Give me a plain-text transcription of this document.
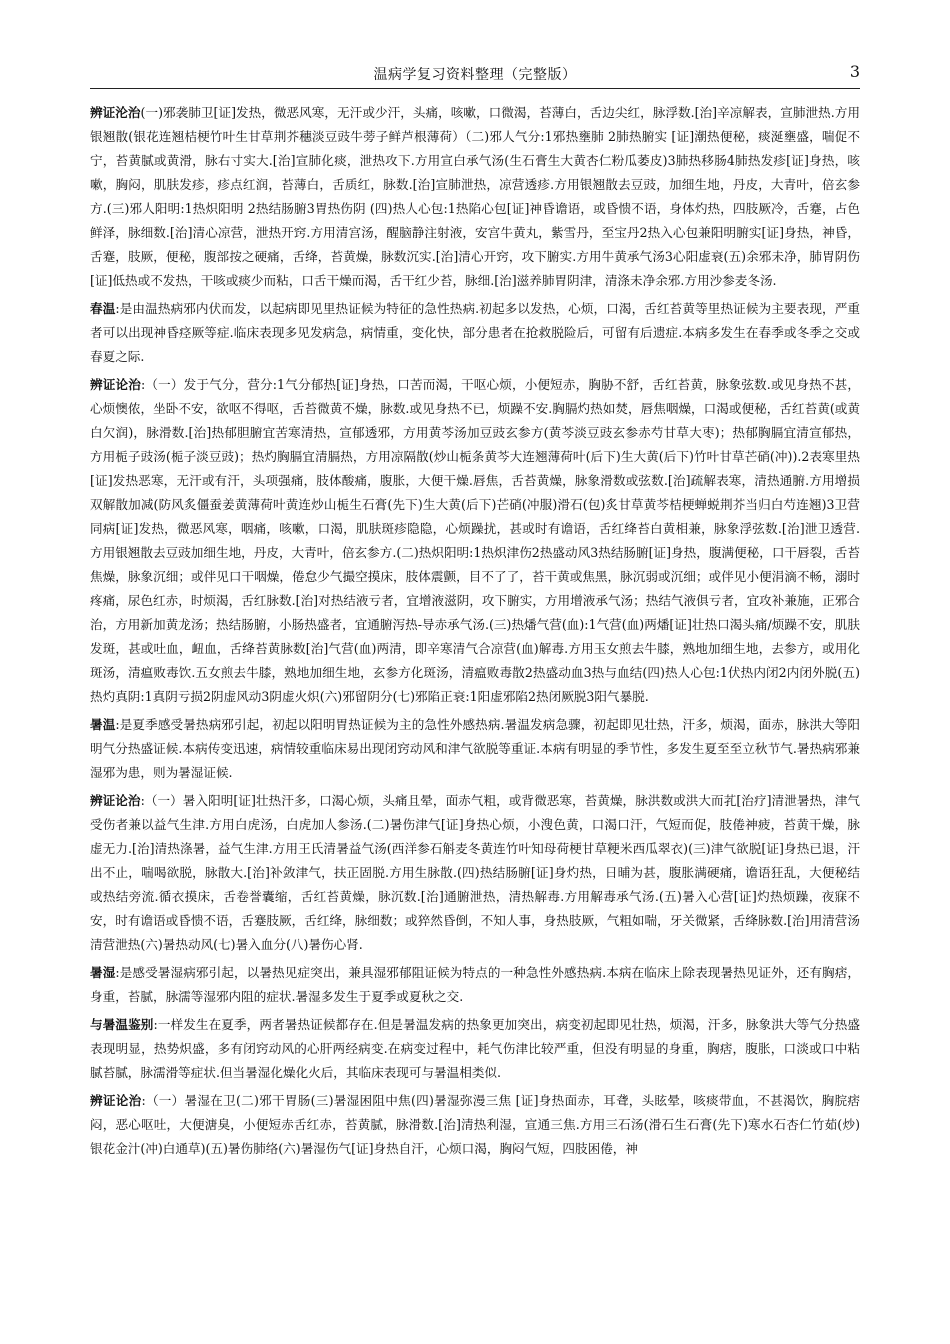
温病学复习资料整理（完整版）	3

辨证沦治(一)邪袭肺卫[证]发热，微恶风寒，无汗或少汗，头痛，咳嗽，口微渴，苔薄白，舌边尖红，脉浮数.[治]辛凉解表，宣肺泄热.方用银翘散(银花连翘桔梗竹叶生甘草荆芥穗淡豆豉牛蒡子鲜芦根薄荷）（二)邪人气分:1邪热壅肺 2肺热腑实 [证]潮热便秘，痰涎壅盛，喘促不宁，苔黄腻或黄滑，脉右寸实大.[治]宣肺化痰，泄热攻下.方用宣白承气汤(生石膏生大黄杏仁粉瓜萎皮)3肺热移肠4肺热发疹[证]身热，咳嗽，胸闷，肌肤发疹，疹点红润，苔薄白，舌质红，脉数.[治]宣肺泄热，凉营透疹.方用银翘散去豆豉，加细生地，丹皮，大青叶，倍玄参方.(三)邪人阳明:1热炽阳明 2热结肠腑3胃热伤阴 (四)热人心包:1热陷心包[证]神昏谵语，或昏愦不语，身体灼热，四肢厥冷，舌蹇，占色鲜泽，脉细数.[治]清心凉营，泄热开窍.方用清宫汤，醒脑静注射液，安宫牛黄丸，紫雪丹，至宝丹2热入心包兼阳明腑实[证]身热，神昏，舌蹇，肢厥，便秘，腹部按之硬痛，舌绛，苔黄燥，脉数沉实.[治]清心开窍，攻下腑实.方用牛黄承气汤3心阳虚衰(五)余邪未净，肺胃阴伤[证]低热或不发热，干咳或痰少而粘，口舌干燥而渴，舌干红少苔，脉细.[治]滋养肺胃阴津，清涤未净余邪.方用沙参麦冬汤.

春温:是由温热病邪内伏而发，以起病即见里热证候为特征的急性热病.初起多以发热，心烦，口渴，舌红苔黄等里热证候为主要表现，严重者可以出现神昏痉厥等症.临床表现多见发病急，病情重，变化快，部分患者在抢救脱险后，可留有后遗症.本病多发生在春季或冬季之交或春夏之际.

辨证论治:（一）发于气分，营分:1气分郁热[证]身热，口苦而渴，干呕心烦，小便短赤，胸胁不舒，舌红苔黄，脉象弦数.或见身热不甚，心烦懊侬，坐卧不安，欲呕不得呕，舌苔微黄不燥，脉数.或见身热不已，烦躁不安.胸膈灼热如焚，唇焦咽燥，口渴或便秘，舌红苔黄(或黄白欠润)，脉滑数.[治]热郁胆腑宜苦寒清热，宣郁透邪，方用黄芩汤加豆豉玄参方(黄芩淡豆豉玄参赤芍甘草大枣)；热郁胸膈宜清宣郁热，方用栀子豉汤(栀子淡豆豉)；热灼胸膈宜清膈热，方用凉隔散(炒山栀条黄芩大连翘薄荷叶(后下)生大黄(后下)竹叶甘草芒硝(冲)).2表寒里热[证]发热恶寒，无汗或有汗，头项强痛，肢体酸痛，腹胀，大便干燥.唇焦，舌苔黄燥，脉象滑数或弦数.[治]疏解表寒，清热通腑.方用增损双解散加减(防风炙僵蚕姜黄薄荷叶黄连炒山栀生石膏(先下)生大黄(后下)芒硝(冲服)滑石(包)炙甘草黄芩桔梗蝉蜕荆芥当归白芍连翘)3卫营同病[证]发热，微恶风寒，咽痛，咳嗽，口渴，肌肤斑疹隐隐，心烦躁扰，甚或时有谵语，舌红绛苔白黄相兼，脉象浮弦数.[治]泄卫透营.方用银翘散去豆豉加细生地，丹皮，大青叶，倍玄参方.(二)热炽阳明:1热炽津伤2热盛动风3热结肠腑[证]身热，腹满便秘，口干唇裂，舌苔焦燥，脉象沉细；或伴见口干咽燥，倦怠少气撮空摸床，肢体震颤，目不了了，苔干黄或焦黑，脉沉弱或沉细；或伴见小便涓滴不畅，溺时疼痛，尿色红赤，时烦渴，舌红脉数.[治]对热结液亏者，宜增液滋阴，攻下腑实，方用增液承气汤；热结气液俱亏者，宜攻补兼施，正邪合治，方用新加黄龙汤；热结肠腑，小肠热盛者，宜通腑泻热-导赤承气汤.(三)热燔气营(血):1气营(血)两燔[证]壮热口渴头痛/烦躁不安，肌肤发斑，甚或吐血，衄血，舌绛苔黄脉数[治]气营(血)两清，即辛寒清气合凉营(血)解毒.方用玉女煎去牛膝，熟地加细生地，去参方，或用化斑汤，清瘟败毒饮.五女煎去牛膝，熟地加细生地，玄参方化斑汤，清瘟败毒散2热盛动血3热与血结(四)热人心包:1伏热内闭2内闭外脱(五)热灼真阴:1真阴亏损2阴虚风动3阴虚火炽(六)邪留阴分(七)邪陷正衰:1阳虚邪陷2热闭厥脱3阳气暴脱.

暑温:是夏季感受暑热病邪引起，初起以阳明胃热证候为主的急性外感热病.暑温发病急骤，初起即见壮热，汗多，烦渴，面赤，脉洪大等阳明气分热盛证候.本病传变迅速，病情较重临床易出现闭窍动风和津气欲脱等重证.本病有明显的季节性，多发生夏至至立秋节气.暑热病邪兼湿邪为患，则为暑湿证候.

辨证论治:（一）暑入阳明[证]壮热汗多，口渴心烦，头痛且晕，面赤气粗，或背微恶寒，苔黄燥，脉洪数或洪大而芤[治疗]清泄暑热，津气受伤者兼以益气生津.方用白虎汤，白虎加人参汤.(二)暑伤津气[证]身热心烦，小溲色黄，口渴口汗，气短而促，肢倦神疲，苔黄干燥，脉虚无力.[治]清热涤暑，益气生津.方用王氏清暑益气汤(西洋参石斛麦冬黄连竹叶知母荷梗甘草粳米西瓜翠衣)(三)津气欲脱[证]身热已退，汗出不止，喘喝欲脱，脉散大.[治]补敛津气，扶正固脱.方用生脉散.(四)热结肠腑[证]身灼热，日晡为甚，腹胀满硬痛，谵语狂乱，大便秘结或热结旁流.循衣摸床，舌卷誉囊缩，舌红苔黄燥，脉沉数.[治]通腑泄热，清热解毒.方用解毒承气汤.(五)暑入心营[证]灼热烦躁，夜寐不安，时有谵语或昏愦不语，舌蹇肢厥，舌红绛，脉细数；或猝然昏倒，不知人事，身热肢厥，气粗如喘，牙关微紧，舌绛脉数.[治]用清营汤清营泄热(六)暑热动风(七)暑入血分(八)暑伤心肾.

暑湿:是感受暑湿病邪引起，以暑热见症突出，兼具湿邪郁阻证候为特点的一种急性外感热病.本病在临床上除表现暑热见证外，还有胸痞，身重，苔腻，脉濡等湿邪内阻的症状.暑湿多发生于夏季或夏秋之交.

与暑温鉴别:一样发生在夏季，两者暑热证候都存在.但是暑温发病的热象更加突出，病变初起即见壮热，烦渴，汗多，脉象洪大等气分热盛表现明显，热势炽盛，多有闭窍动风的心肝两经病变.在病变过程中，耗气伤津比较严重，但没有明显的身重，胸痞，腹胀，口淡或口中粘腻苔腻，脉濡滑等症状.但当暑湿化燥化火后，其临床表现可与暑温相类似.

辨证论治:（一）暑湿在卫(二)邪干胃肠(三)暑湿困阻中焦(四)暑湿弥漫三焦 [证]身热面赤，耳聋，头眩晕，咳痰带血，不甚渴饮，胸脘痞闷，恶心呕吐，大便溏臭，小便短赤舌红赤，苔黄腻，脉滑数.[治]清热利湿，宣通三焦.方用三石汤(滑石生石膏(先下)寒水石杏仁竹茹(炒)银花金汁(冲)白通草)(五)暑伤肺络(六)暑湿伤气[证]身热自汗，心烦口渴，胸闷气短，四肢困倦，神
